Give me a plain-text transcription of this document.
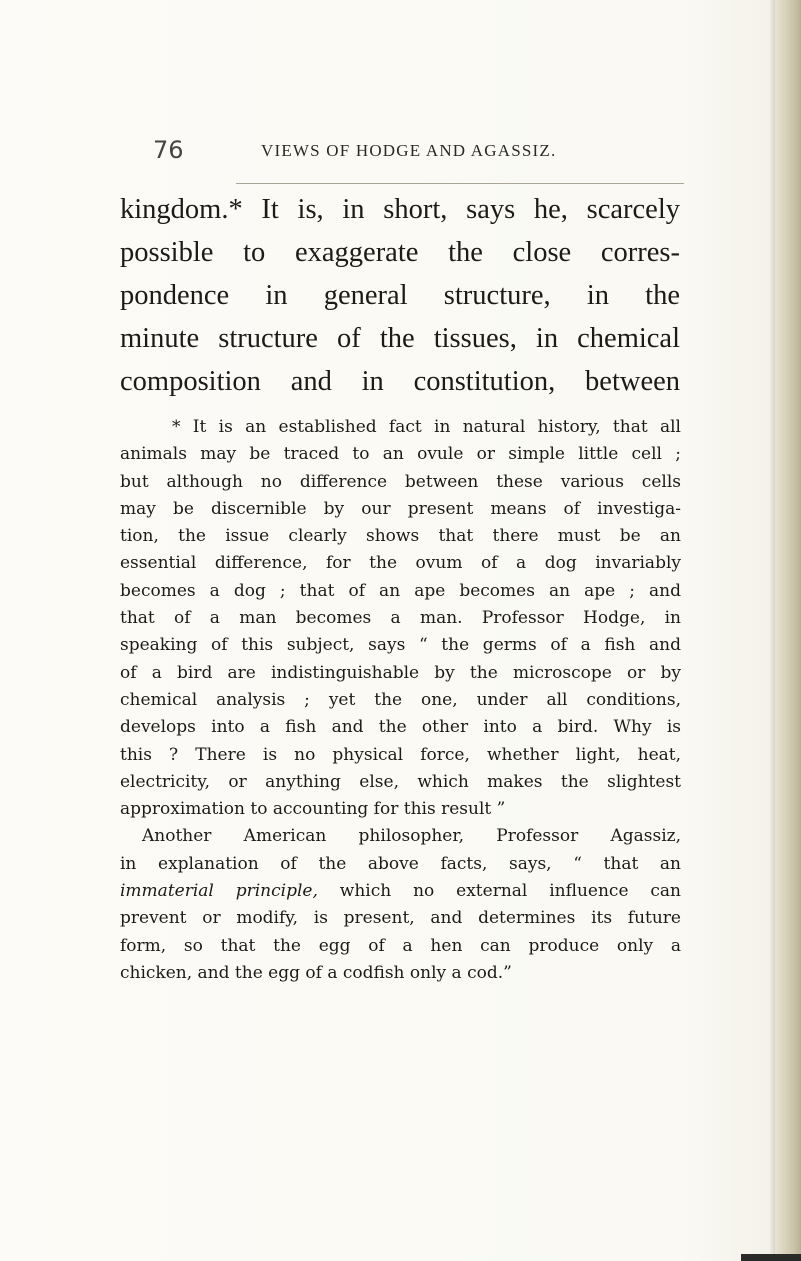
76	VIEWS OF HODGE AND AGASSIZ.
kingdom.* It is, in short, says he, scarcely
possible to exaggerate the close corres-
pondence in general structure, in the
minute structure of the tissues, in chemical
composition and in constitution, between
* It is an established fact in natural history, that all
animals may be traced to an ovule or simple little cell ;
but although no difference between these various cells
may be discernible by our present means of investiga-
tion, the issue clearly shows that there must be an
essential difference, for the ovum of a dog invariably
becomes a dog ; that of an ape becomes an ape ; and
that of a man becomes a man. Professor Hodge, in
speaking of this subject, says “ the germs of a fish and
of a bird are indistinguishable by the microscope or by
chemical analysis ; yet the one, under all conditions,
develops into a fish and the other into a bird. Why is
this ? There is no physical force, whether light, heat,
electricity, or anything else, which makes the slightest
approximation to accounting for this result ”
Another American philosopher, Professor Agassiz,
in explanation of the above facts, says, “ that an
immaterial principle, which no external influence can
prevent or modify, is present, and determines its future
form, so that the egg of a hen can produce only a
chicken, and the egg of a codfish only a cod.”
